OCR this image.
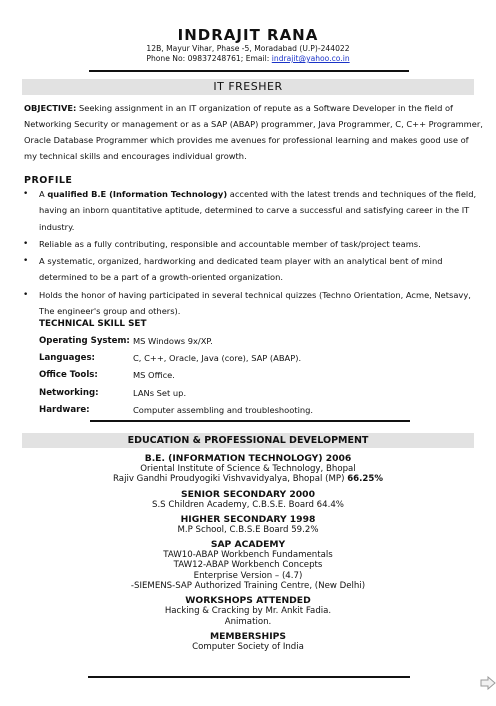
INDRAJIT RANA
12B, Mayur Vihar, Phase -5, Moradabad (U.P)-244022
Phone No: 09837248761; Email: indrajit@yahoo.co.in
IT FRESHER
OBJECTIVE: Seeking assignment in an IT organization of repute as a Software Developer in the field of Networking Security or management or as a SAP (ABAP) programmer, Java Programmer, C, C++ Programmer, Oracle Database Programmer which provides me avenues for professional learning and makes good use of my technical skills and encourages individual growth.
PROFILE
• A qualified B.E (Information Technology) accented with the latest trends and techniques of the field, having an inborn quantitative aptitude, determined to carve a successful and satisfying career in the IT industry.
• Reliable as a fully contributing, responsible and accountable member of task/project teams.
• A systematic, organized, hardworking and dedicated team player with an analytical bent of mind determined to be a part of a growth-oriented organization.
• Holds the honor of having participated in several technical quizzes (Techno Orientation, Acme, Netsavy, The engineer's group and others).
TECHNICAL SKILL SET
Operating System: MS Windows 9x/XP.
Languages:	C, C++, Oracle, Java (core), SAP (ABAP).
Office Tools:	MS Office.
Networking:	LANs Set up.
Hardware:	Computer assembling and troubleshooting.
EDUCATION & PROFESSIONAL DEVELOPMENT
B.E. (INFORMATION TECHNOLOGY) 2006
Oriental Institute of Science & Technology, Bhopal
Rajiv Gandhi Proudyogiki Vishvavidyalya, Bhopal (MP) 66.25%
SENIOR SECONDARY 2000
S.S Children Academy, C.B.S.E. Board 64.4%
HIGHER SECONDARY 1998
M.P School, C.B.S.E Board 59.2%
SAP ACADEMY
TAW10-ABAP Workbench Fundamentals
TAW12-ABAP Workbench Concepts
Enterprise Version – (4.7)
-SIEMENS-SAP Authorized Training Centre, (New Delhi)
WORKSHOPS ATTENDED
Hacking & Cracking by Mr. Ankit Fadia.
Animation.
MEMBERSHIPS
Computer Society of India
